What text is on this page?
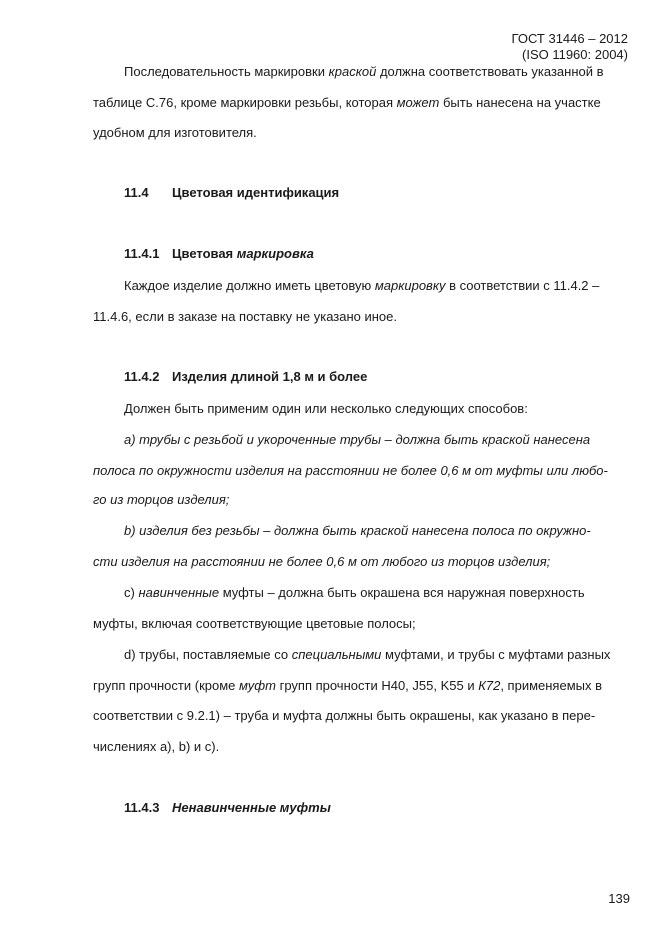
ГОСТ 31446 – 2012
(ISO 11960: 2004)
Последовательность маркировки краской должна соответствовать указанной в
таблице С.76, кроме маркировки резьбы, которая может быть нанесена на участке
удобном для изготовителя.
11.4 Цветовая идентификация
11.4.1 Цветовая маркировка
Каждое изделие должно иметь цветовую маркировку в соответствии с 11.4.2 –
11.4.6, если в заказе на поставку не указано иное.
11.4.2 Изделия длиной 1,8 м и более
Должен быть применим один или несколько следующих способов:
a) трубы с резьбой и укороченные трубы – должна быть краской нанесена
полоса по окружности изделия на расстоянии не более 0,6 м от муфты или любо-
го из торцов изделия;
b) изделия без резьбы – должна быть краской нанесена полоса по окружно-
сти изделия на расстоянии не более 0,6 м от любого из торцов изделия;
c) навинченные муфты – должна быть окрашена вся наружная поверхность
муфты, включая соответствующие цветовые полосы;
d) трубы, поставляемые со специальными муфтами, и трубы с муфтами разных
групп прочности (кроме муфт групп прочности Н40, J55, K55 и К72, применяемых в
соответствии с 9.2.1) – труба и муфта должны быть окрашены, как указано в пере-
числениях а), b) и с).
11.4.3 Ненавинченные муфты
139
